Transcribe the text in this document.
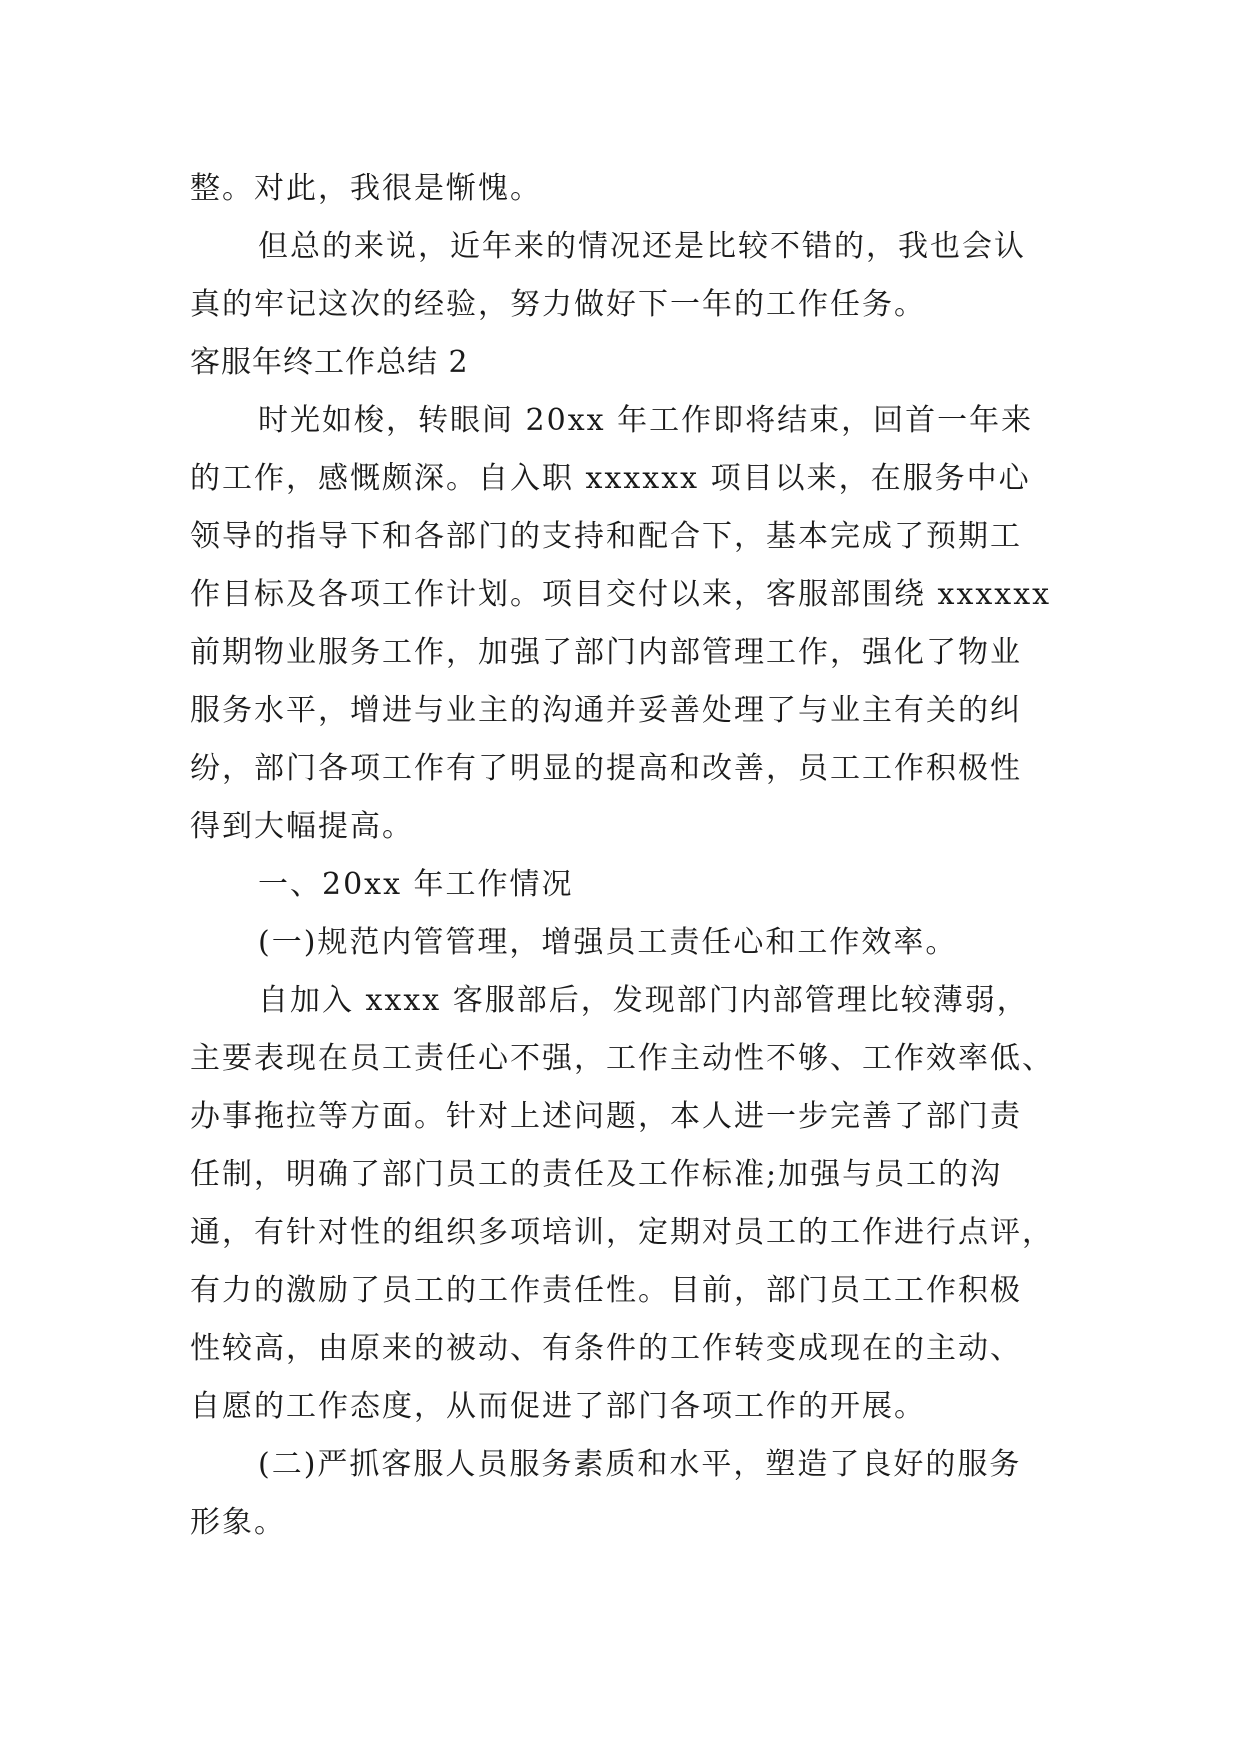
整。对此，我很是惭愧。
但总的来说，近年来的情况还是比较不错的，我也会认
真的牢记这次的经验，努力做好下一年的工作任务。
客服年终工作总结 2
时光如梭，转眼间 20xx 年工作即将结束，回首一年来
的工作，感慨颇深。自入职 xxxxxx 项目以来，在服务中心
领导的指导下和各部门的支持和配合下，基本完成了预期工
作目标及各项工作计划。项目交付以来，客服部围绕 xxxxxx
前期物业服务工作，加强了部门内部管理工作，强化了物业
服务水平，增进与业主的沟通并妥善处理了与业主有关的纠
纷，部门各项工作有了明显的提高和改善，员工工作积极性
得到大幅提高。
一、20xx 年工作情况
(一)规范内管管理，增强员工责任心和工作效率。
自加入 xxxx 客服部后，发现部门内部管理比较薄弱，
主要表现在员工责任心不强，工作主动性不够、工作效率低、
办事拖拉等方面。针对上述问题，本人进一步完善了部门责
任制，明确了部门员工的责任及工作标准;加强与员工的沟
通，有针对性的组织多项培训，定期对员工的工作进行点评，
有力的激励了员工的工作责任性。目前，部门员工工作积极
性较高，由原来的被动、有条件的工作转变成现在的主动、
自愿的工作态度，从而促进了部门各项工作的开展。
(二)严抓客服人员服务素质和水平，塑造了良好的服务
形象。
